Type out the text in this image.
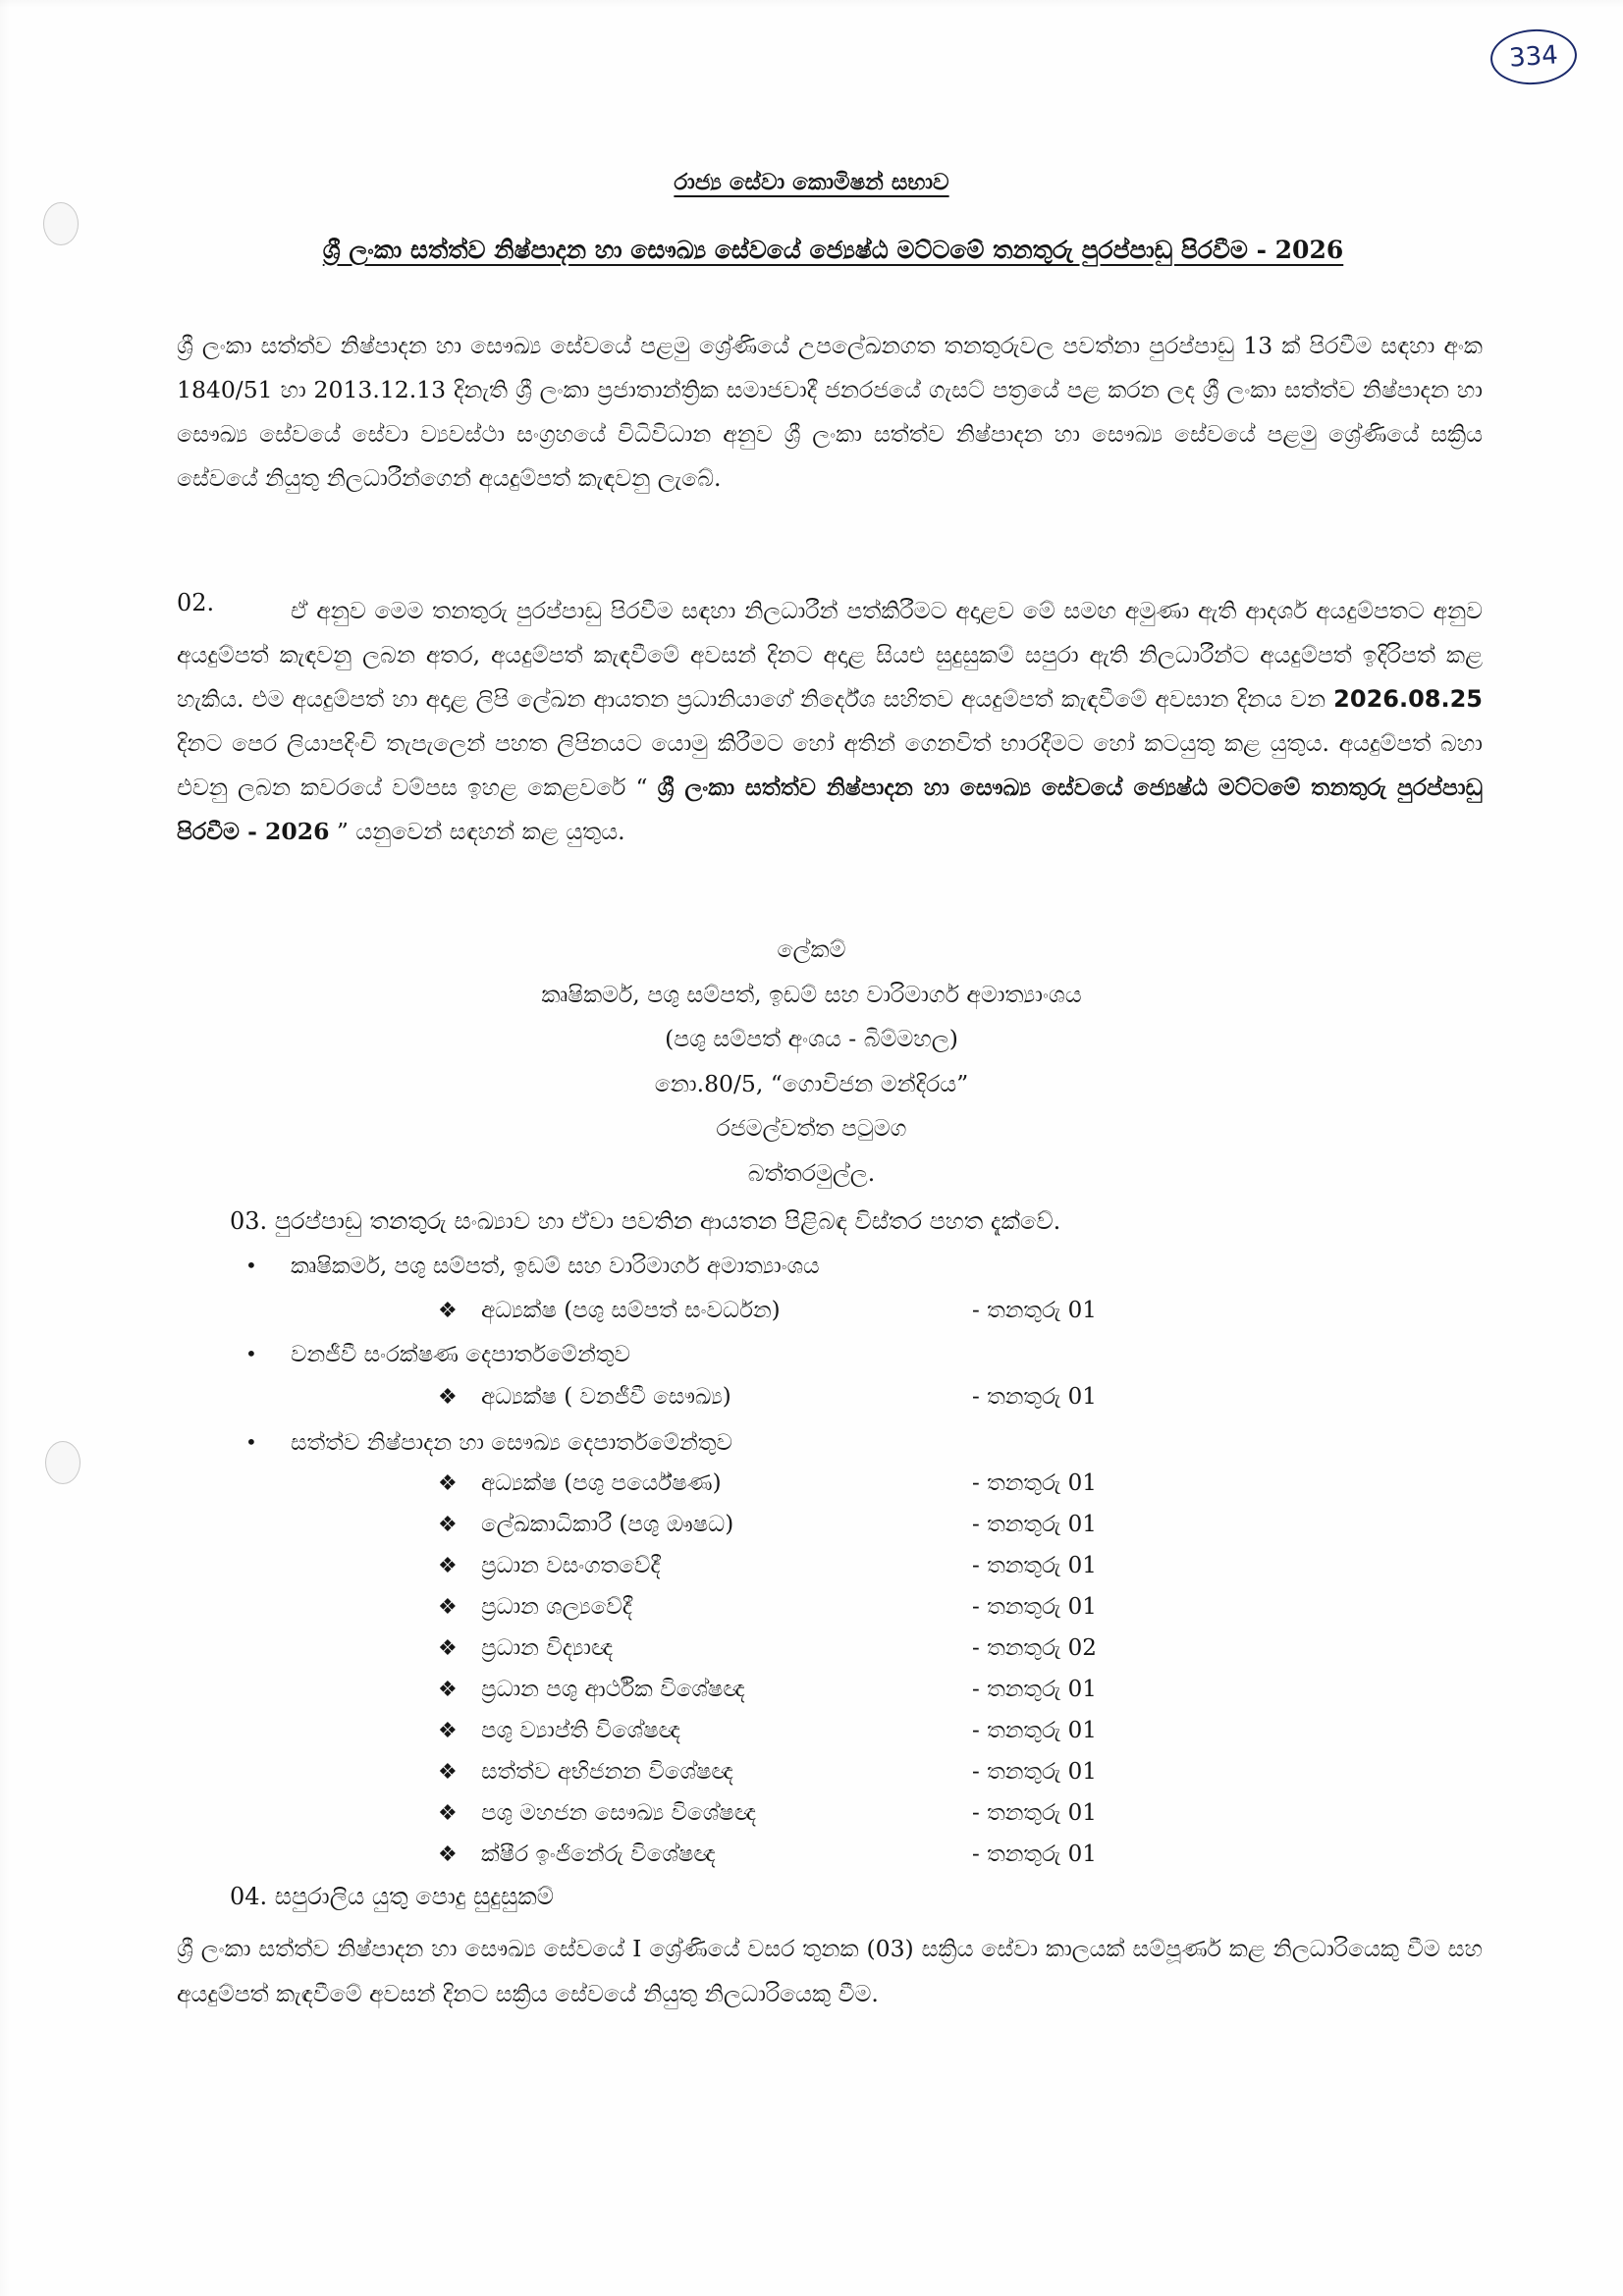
334
රාජ්‍ය සේවා කොමිෂන් සභාව
ශ්‍රී ලංකා සත්ත්ව නිෂ්පාදන හා සෞඛ්‍ය සේවයේ ජ්‍යෙෂ්ඨ මට්ටමේ තනතුරු පුරප්පාඩු පිරවීම - 2026
ශ්‍රී ලංකා සත්ත්ව නිෂ්පාදන හා සෞඛ්‍ය සේවයේ පළමු ශ්‍රේණියේ උපලේඛනගත තනතුරුවල පවත්නා පුරප්පාඩු 13 ක් පිරවීම සඳහා අංක 1840/51 හා 2013.12.13 දිනැති ශ්‍රී ලංකා ප්‍රජාතාන්ත්‍රික සමාජවාදී ජනරජයේ ගැසට් පත්‍රයේ පළ කරන ලද ශ්‍රී ලංකා සත්ත්ව නිෂ්පාදන හා සෞඛ්‍ය සේවයේ සේවා ව්‍යවස්ථා සංග්‍රහයේ විධිවිධාන අනුව ශ්‍රී ලංකා සත්ත්ව නිෂ්පාදන හා සෞඛ්‍ය සේවයේ පළමු ශ්‍රේණියේ සක්‍රිය සේවයේ නියුතු නිලධාරීන්ගෙන් අයදුම්පත් කැඳවනු ලැබේ.
02.	ඒ අනුව මෙම තනතුරු පුරප්පාඩු පිරවීම සඳහා නිලධාරීන් පත්කිරීමට අදාළව මේ සමඟ අමුණා ඇති ආදර්ශ අයදුම්පතට අනුව අයදුම්පත් කැඳවනු ලබන අතර, අයදුම්පත් කැඳවීමේ අවසන් දිනට අදාළ සියළු සුදුසුකම් සපුරා ඇති නිලධාරීන්ට අයදුම්පත් ඉදිරිපත් කළ හැකිය. එම අයදුම්පත් හා අදාළ ලිපි ලේඛන ආයතන ප්‍රධානියාගේ නිර්දේශ සහිතව අයදුම්පත් කැඳවීමේ අවසාන දිනය වන 2026.08.25 දිනට පෙර ලියාපදිංචි තැපැලෙන් පහත ලිපිනයට යොමු කිරීමට හෝ අතින් ගෙනවිත් භාරදීමට හෝ කටයුතු කළ යුතුය. අයදුම්පත් බහා එවනු ලබන කවරයේ වම්පස ඉහළ කෙළවරේ “ ශ්‍රී ලංකා සත්ත්ව නිෂ්පාදන හා සෞඛ්‍ය සේවයේ ජ්‍යෙෂ්ඨ මට්ටමේ තනතුරු පුරප්පාඩු පිරවීම - 2026 ” යනුවෙන් සඳහන් කළ යුතුය.
ලේකම්
කෘෂිකර්ම, පශු සම්පත්, ඉඩම් සහ වාරිමාර්ග අමාත්‍යාංශය
(පශු සම්පත් අංශය - බිම්මහල)
නො.80/5, “ගොවිජන මන්දිරය”
රජමල්වත්ත පටුමග
බත්තරමුල්ල.
03. පුරප්පාඩු තනතුරු සංඛ්‍යාව හා ඒවා පවතින ආයතන පිළිබඳ විස්තර පහත දැක්වේ.
• කෘෂිකර්ම, පශු සම්පත්, ඉඩම් සහ වාරිමාර්ග අමාත්‍යාංශය
❖ අධ්‍යක්ෂ (පශු සම්පත් සංවර්ධන)	- තනතුරු 01
• වනජීවී සංරක්ෂණ දෙපාර්තමේන්තුව
❖ අධ්‍යක්ෂ ( වනජීවී සෞඛ්‍ය)	- තනතුරු 01
• සත්ත්ව නිෂ්පාදන හා සෞඛ්‍ය දෙපාර්තමේන්තුව
❖ අධ්‍යක්ෂ (පශු පර්යේෂණ)	- තනතුරු 01
❖ ලේඛකාධිකාරී (පශු ඖෂධ)	- තනතුරු 01
❖ ප්‍රධාන වසංගතවේදී	- තනතුරු 01
❖ ප්‍රධාන ශල්‍යවේදී	- තනතුරු 01
❖ ප්‍රධාන විද්‍යාඥ	- තනතුරු 02
❖ ප්‍රධාන පශු ආර්ථික විශේෂඥ	- තනතුරු 01
❖ පශු ව්‍යාප්ති විශේෂඥ	- තනතුරු 01
❖ සත්ත්ව අභිජනන විශේෂඥ	- තනතුරු 01
❖ පශු මහජන සෞඛ්‍ය විශේෂඥ	- තනතුරු 01
❖ ක්ෂීර ඉංජිනේරු විශේෂඥ	- තනතුරු 01
04. සපුරාලිය යුතු පොදු සුදුසුකම්
ශ්‍රී ලංකා සත්ත්ව නිෂ්පාදන හා සෞඛ්‍ය සේවයේ I ශ්‍රේණියේ වසර තුනක (03) සක්‍රිය සේවා කාලයක් සම්පූර්ණ කළ නිලධාරියෙකු වීම සහ අයදුම්පත් කැඳවීමේ අවසන් දිනට සක්‍රිය සේවයේ නියුතු නිලධාරියෙකු වීම.
